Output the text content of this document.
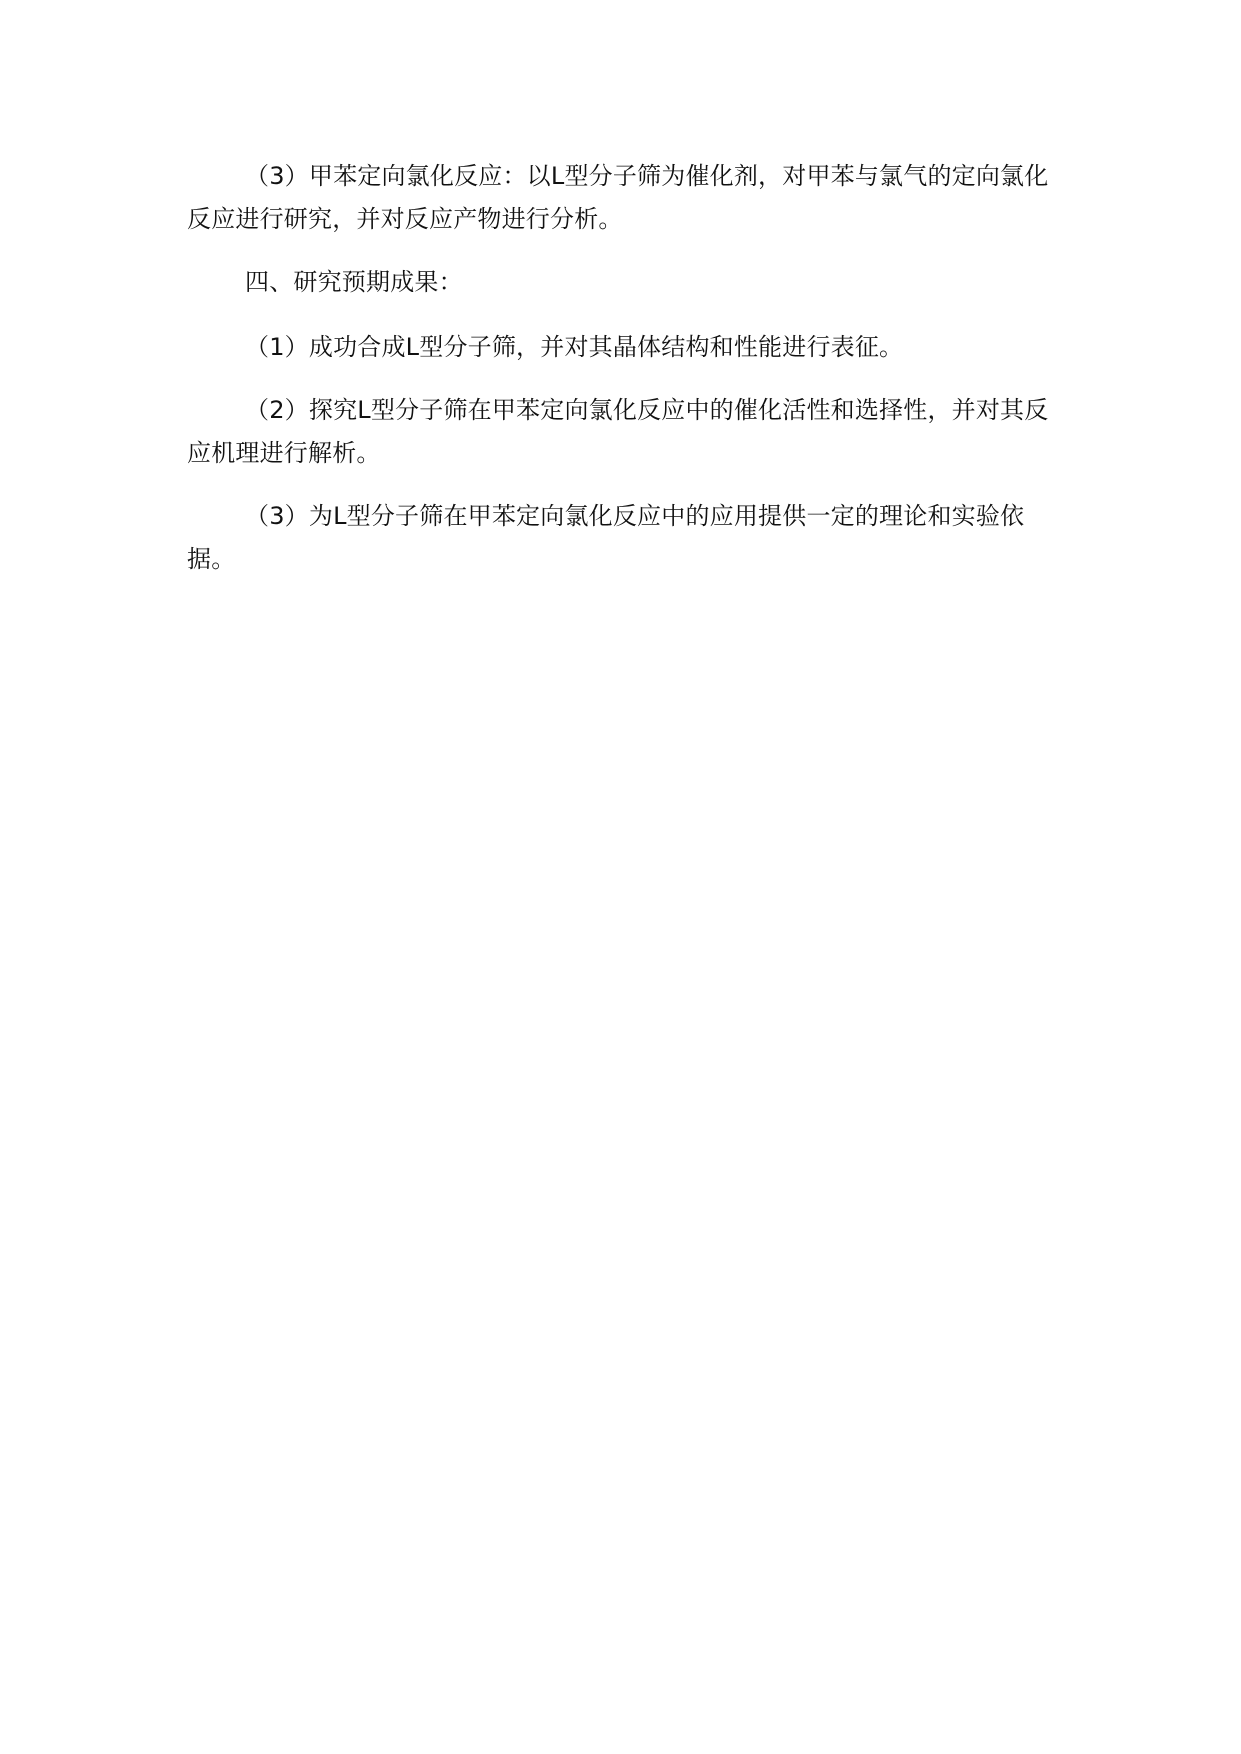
（3）甲苯定向氯化反应：以L型分子筛为催化剂，对甲苯与氯气的定向氯化反应进行研究，并对反应产物进行分析。

四、研究预期成果：

（1）成功合成L型分子筛，并对其晶体结构和性能进行表征。

（2）探究L型分子筛在甲苯定向氯化反应中的催化活性和选择性，并对其反应机理进行解析。

（3）为L型分子筛在甲苯定向氯化反应中的应用提供一定的理论和实验依据。
